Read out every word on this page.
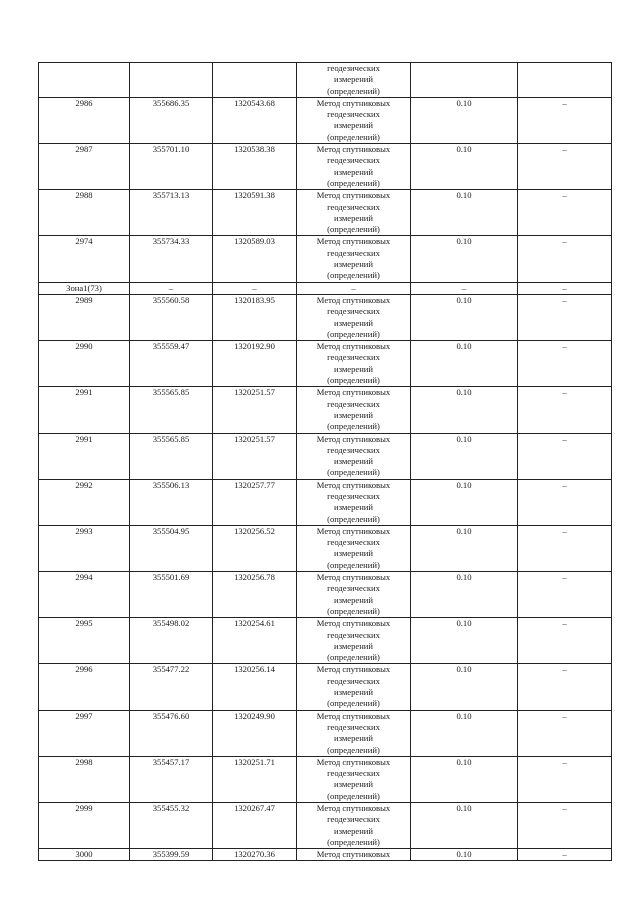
			геодезических
измерений
(определений)		
2986	355686.35	1320543.68	Метод спутниковых
геодезических
измерений
(определений)	0.10	–
2987	355701.10	1320538.38	Метод спутниковых
геодезических
измерений
(определений)	0.10	–
2988	355713.13	1320591.38	Метод спутниковых
геодезических
измерений
(определений)	0.10	–
2974	355734.33	1320589.03	Метод спутниковых
геодезических
измерений
(определений)	0.10	–
Зона1(73)	–	–	–	–	–
2989	355560.58	1320183.95	Метод спутниковых
геодезических
измерений
(определений)	0.10	–
2990	355559.47	1320192.90	Метод спутниковых
геодезических
измерений
(определений)	0.10	–
2991	355565.85	1320251.57	Метод спутниковых
геодезических
измерений
(определений)	0.10	–
2991	355565.85	1320251.57	Метод спутниковых
геодезических
измерений
(определений)	0.10	–
2992	355506.13	1320257.77	Метод спутниковых
геодезических
измерений
(определений)	0.10	–
2993	355504.95	1320256.52	Метод спутниковых
геодезических
измерений
(определений)	0.10	–
2994	355501.69	1320256.78	Метод спутниковых
геодезических
измерений
(определений)	0.10	–
2995	355498.02	1320254.61	Метод спутниковых
геодезических
измерений
(определений)	0.10	–
2996	355477.22	1320256.14	Метод спутниковых
геодезических
измерений
(определений)	0.10	–
2997	355476.60	1320249.90	Метод спутниковых
геодезических
измерений
(определений)	0.10	–
2998	355457.17	1320251.71	Метод спутниковых
геодезических
измерений
(определений)	0.10	–
2999	355455.32	1320267.47	Метод спутниковых
геодезических
измерений
(определений)	0.10	–
3000	355399.59	1320270.36	Метод спутниковых	0.10	–
